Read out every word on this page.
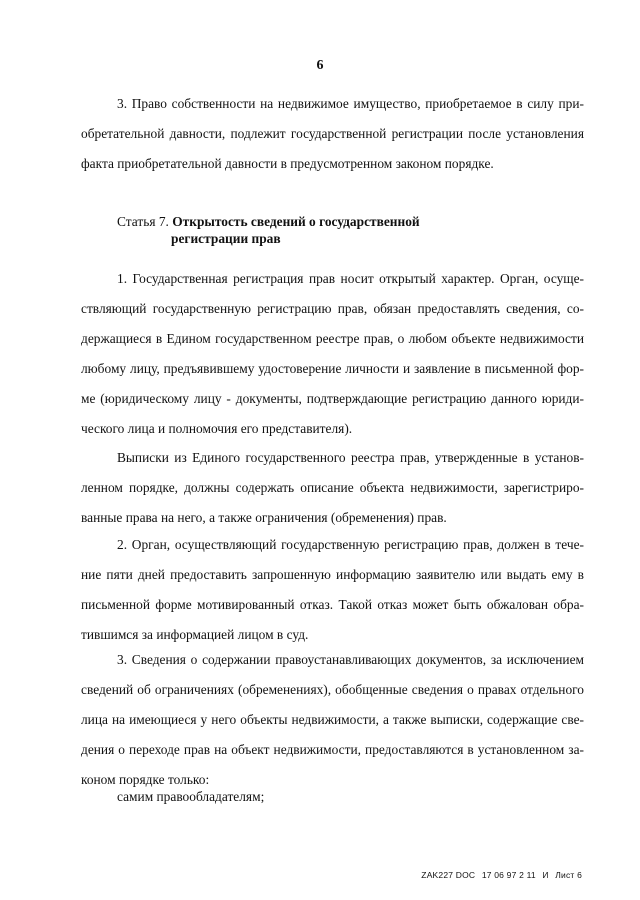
6
3. Право собственности на недвижимое имущество, приобретаемое в силу при-
обретательной давности, подлежит государственной регистрации после установления
факта приобретательной давности в предусмотренном законом порядке.
Статья 7. Открытость сведений о государственной
регистрации прав
1. Государственная регистрация прав носит открытый характер. Орган, осуще-
ствляющий государственную регистрацию прав, обязан предоставлять сведения, со-
держащиеся в Едином государственном реестре прав, о любом объекте недвижимости
любому лицу, предъявившему удостоверение личности и заявление в письменной фор-
ме (юридическому лицу - документы, подтверждающие регистрацию данного юриди-
ческого лица и полномочия его представителя).
Выписки из Единого государственного реестра прав, утвержденные в установ-
ленном порядке, должны содержать описание объекта недвижимости, зарегистриро-
ванные права на него, а также ограничения (обременения) прав.
2. Орган, осуществляющий государственную регистрацию прав, должен в тече-
ние пяти дней предоставить запрошенную информацию заявителю или выдать ему в
письменной форме мотивированный отказ. Такой отказ может быть обжалован обра-
тившимся за информацией лицом в суд.
3. Сведения о содержании правоустанавливающих документов, за исключением
сведений об ограничениях (обременениях), обобщенные сведения о правах отдельного
лица на имеющиеся у него объекты недвижимости, а также выписки, содержащие све-
дения о переходе прав на объект недвижимости, предоставляются в установленном за-
коном порядке только:
самим правообладателям;
ZAK227 DOC 17 06 97 2 11 И Лист 6
